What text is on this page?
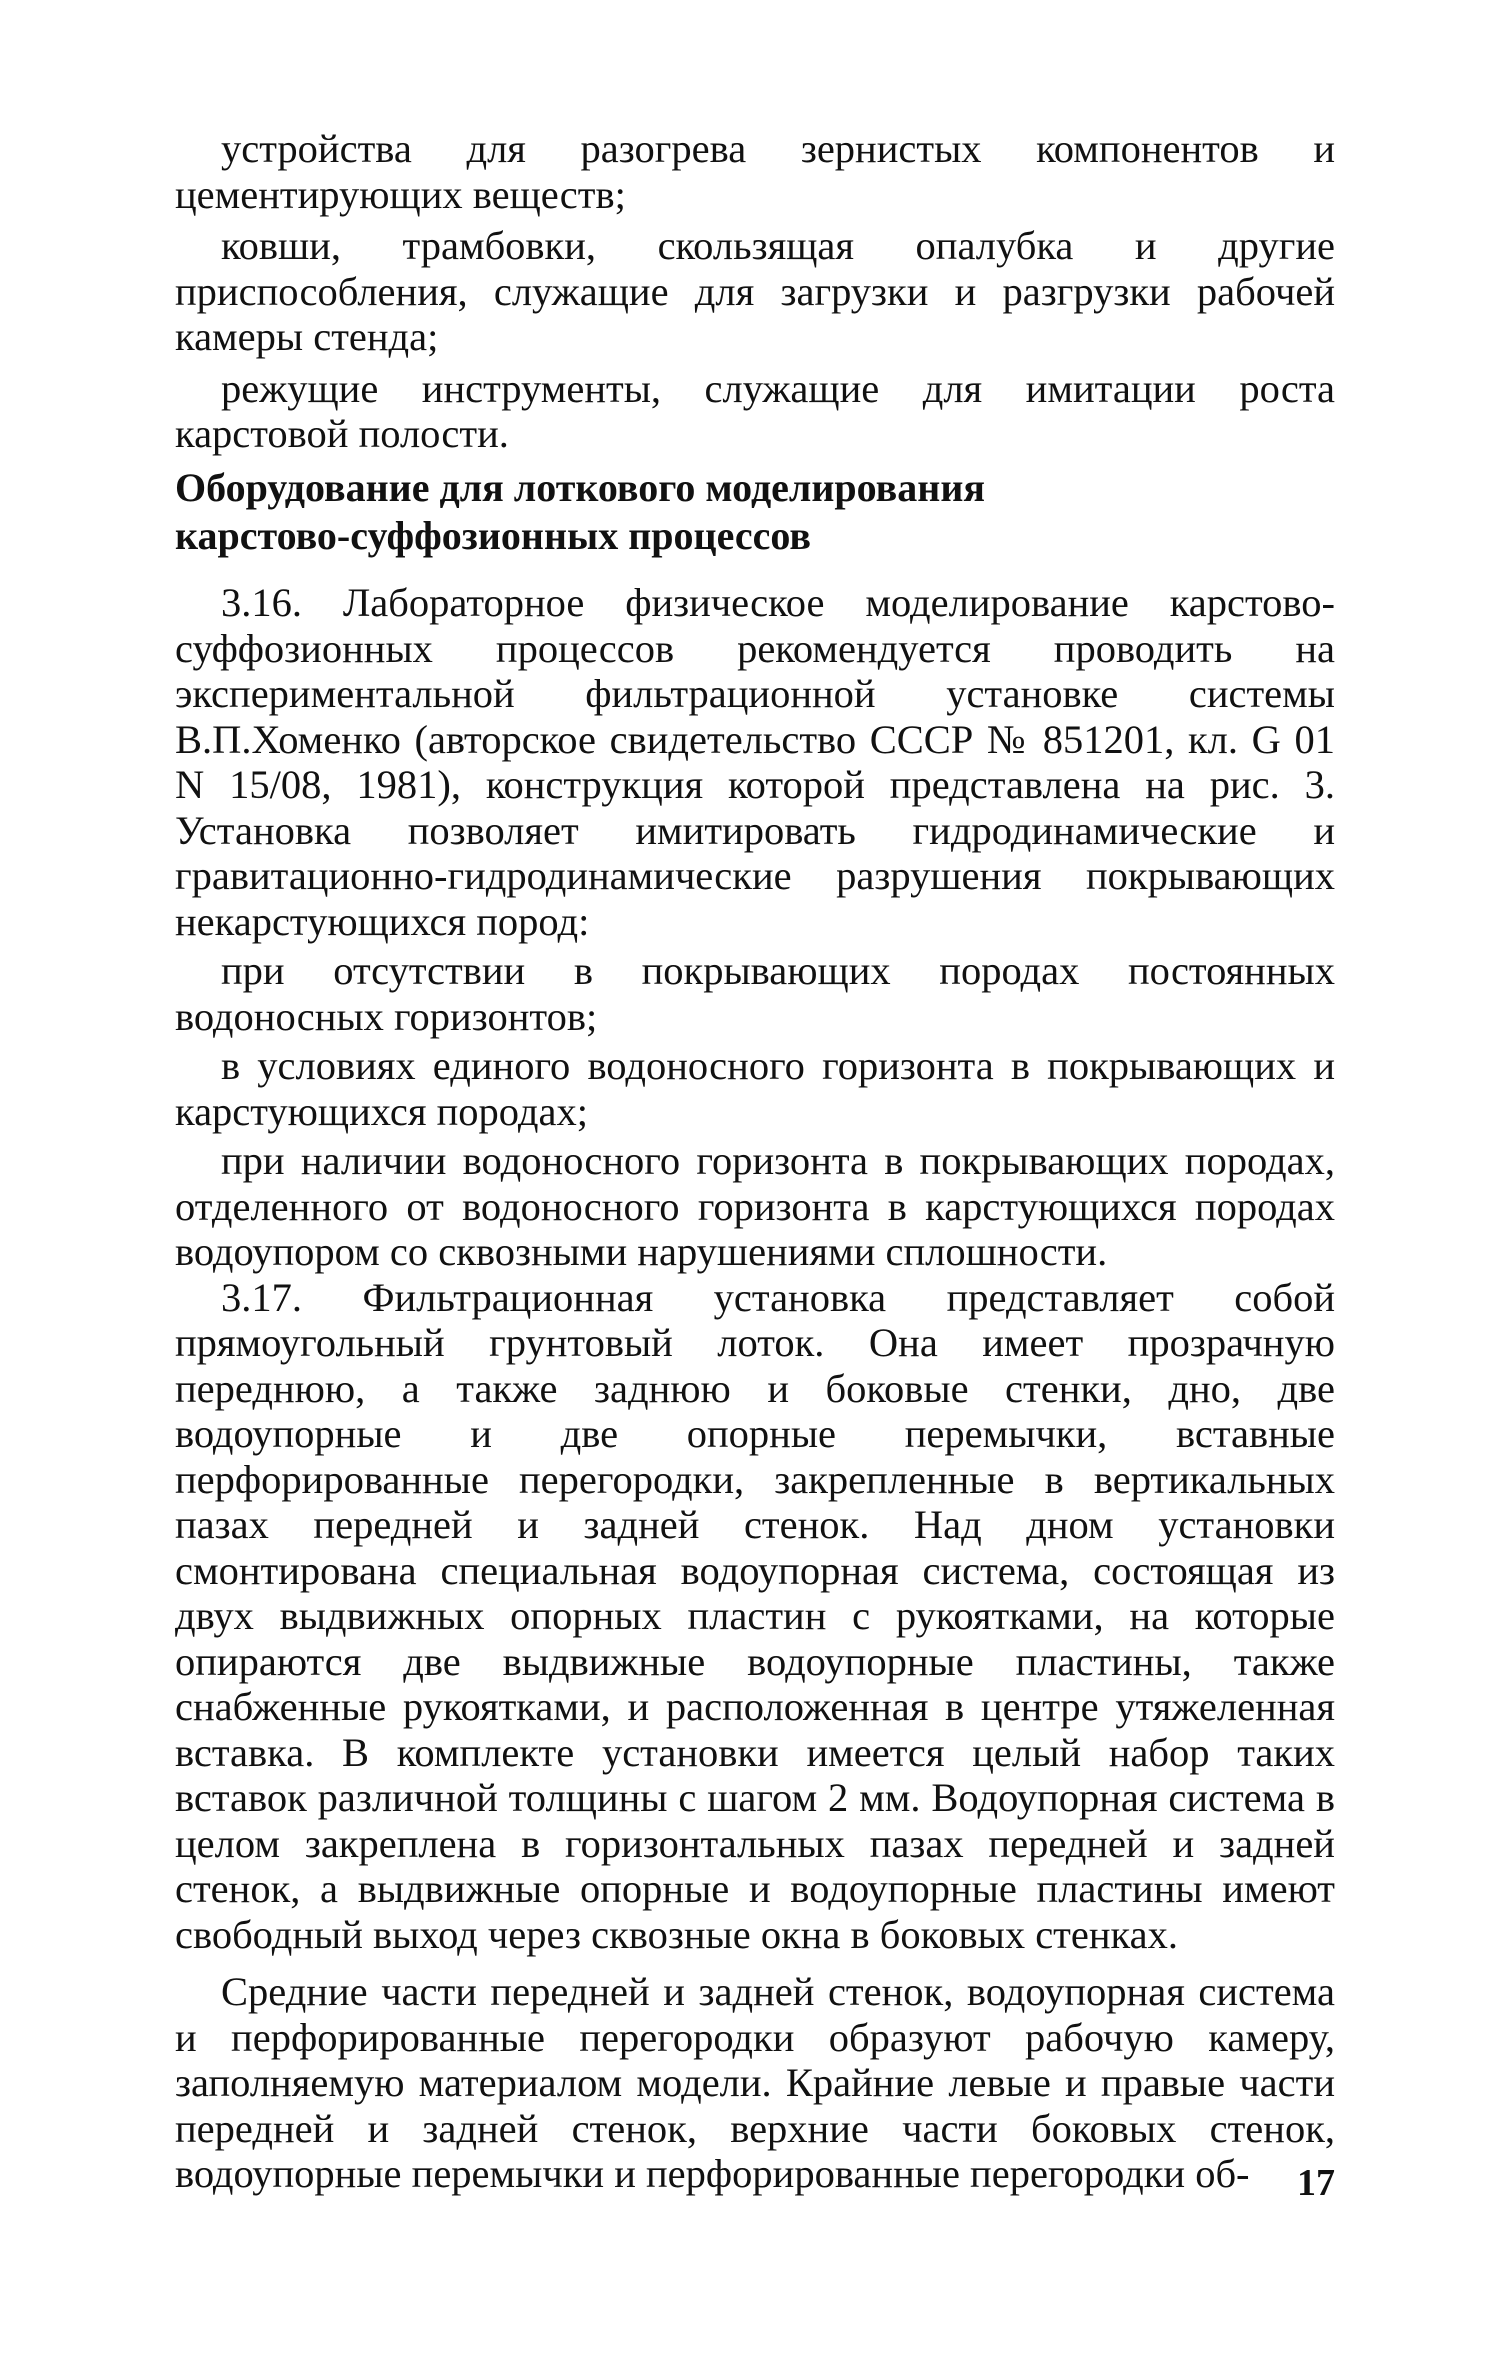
устройства для разогрева зернистых компонентов и цементирующих веществ;

ковши, трамбовки, скользящая опалубка и другие приспособления, служащие для загрузки и разгрузки рабочей камеры стенда;

режущие инструменты, служащие для имитации роста карстовой полости.

Оборудование для лоткового моделирования
карстово-суффозионных процессов

3.16. Лабораторное физическое моделирование карстово-суффозионных процессов рекомендуется проводить на экспериментальной фильтрационной установке системы В.П.Хоменко (авторское свидетельство СССР № 851201, кл. G 01 N 15/08, 1981), конструкция которой представлена на рис. 3. Установка позволяет имитировать гидродинамические и гравитационно-гидродинамические разрушения покрывающих некарстующихся пород:

при отсутствии в покрывающих породах постоянных водоносных горизонтов;

в условиях единого водоносного горизонта в покрывающих и карстующихся породах;

при наличии водоносного горизонта в покрывающих породах, отделенного от водоносного горизонта в карстующихся породах водоупором со сквозными нарушениями сплошности.

3.17. Фильтрационная установка представляет собой прямоугольный грунтовый лоток. Она имеет прозрачную переднюю, а также заднюю и боковые стенки, дно, две водоупорные и две опорные перемычки, вставные перфорированные перегородки, закрепленные в вертикальных пазах передней и задней стенок. Над дном установки смонтирована специальная водоупорная система, состоящая из двух выдвижных опорных пластин с рукоятками, на которые опираются две выдвижные водоупорные пластины, также снабженные рукоятками, и расположенная в центре утяжеленная вставка. В комплекте установки имеется целый набор таких вставок различной толщины с шагом 2 мм. Водоупорная система в целом закреплена в горизонтальных пазах передней и задней стенок, а выдвижные опорные и водоупорные пластины имеют свободный выход через сквозные окна в боковых стенках.

Средние части передней и задней стенок, водоупорная система и перфорированные перегородки образуют рабочую камеру, заполняемую материалом модели. Крайние левые и правые части передней и задней стенок, верхние части боковых стенок, водоупорные перемычки и перфорированные перегородки об-	17
